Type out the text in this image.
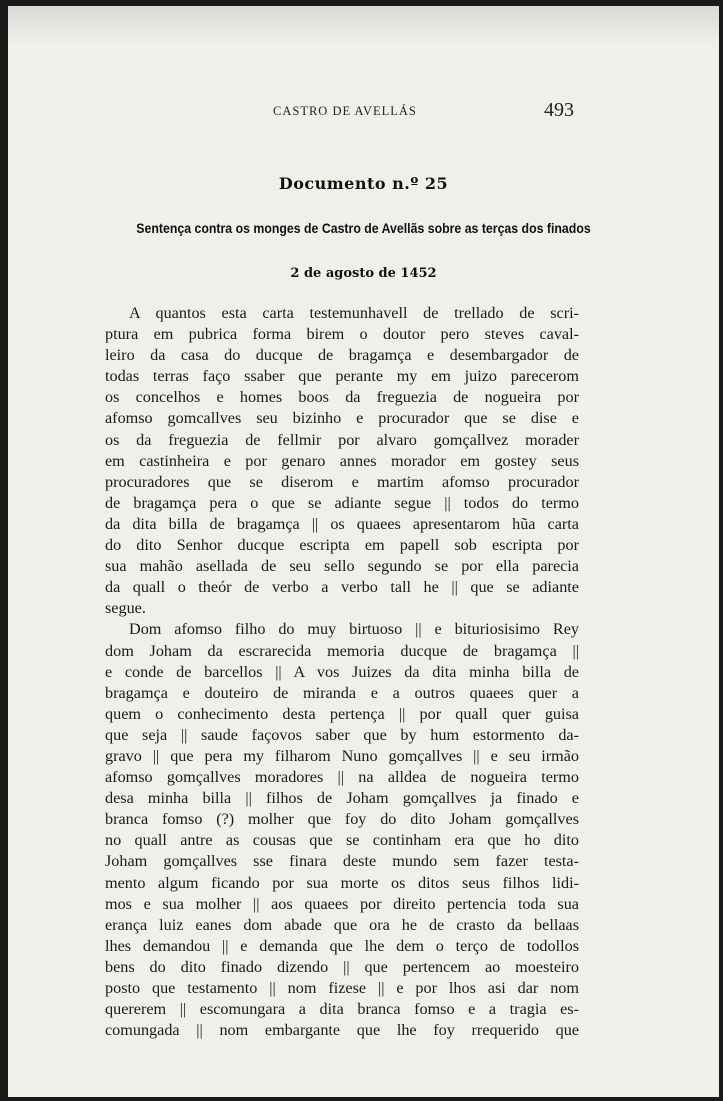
CASTRO DE AVELLÁS	493
Documento n.º 25
Sentença contra os monges de Castro de Avellãs sobre as terças dos finados
2 de agosto de 1452
A quantos esta carta testemunhavell de trellado de scri-
ptura em pubrica forma birem o doutor pero steves caval-
leiro da casa do ducque de bragamça e desembargador de
todas terras faço ssaber que perante my em juizo parecerom
os concelhos e homes boos da freguezia de nogueira por
afomso gomcallves seu bizinho e procurador que se dise e
os da freguezia de fellmir por alvaro gomçallvez morader
em castinheira e por genaro annes morador em gostey seus
procuradores que se diserom e martim afomso procurador
de bragamça pera o que se adiante segue || todos do termo
da dita billa de bragamça || os quaees apresentarom hũa carta
do dito Senhor ducque escripta em papell sob escripta por
sua mahão asellada de seu sello segundo se por ella parecia
da quall o theór de verbo a verbo tall he || que se adiante
segue.
Dom afomso filho do muy birtuoso || e bituriosisimo Rey
dom Joham da escrarecida memoria ducque de bragamça ||
e conde de barcellos || A vos Juizes da dita minha billa de
bragamça e douteiro de miranda e a outros quaees quer a
quem o conhecimento desta pertença || por quall quer guisa
que seja || saude façovos saber que by hum estormento da-
gravo || que pera my filharom Nuno gomçallves || e seu irmão
afomso gomçallves moradores || na alldea de nogueira termo
desa minha billa || filhos de Joham gomçallves ja finado e
branca fomso (?) molher que foy do dito Joham gomçallves
no quall antre as cousas que se continham era que ho dito
Joham gomçallves sse finara deste mundo sem fazer testa-
mento algum ficando por sua morte os ditos seus filhos lidi-
mos e sua molher || aos quaees por direito pertencia toda sua
erança luiz eanes dom abade que ora he de crasto da bellaas
lhes demandou || e demanda que lhe dem o terço de todollos
bens do dito finado dizendo || que pertencem ao moesteiro
posto que testamento || nom fizese || e por lhos asi dar nom
quererem || escomungara a dita branca fomso e a tragia es-
comungada || nom embargante que lhe foy rrequerido que
